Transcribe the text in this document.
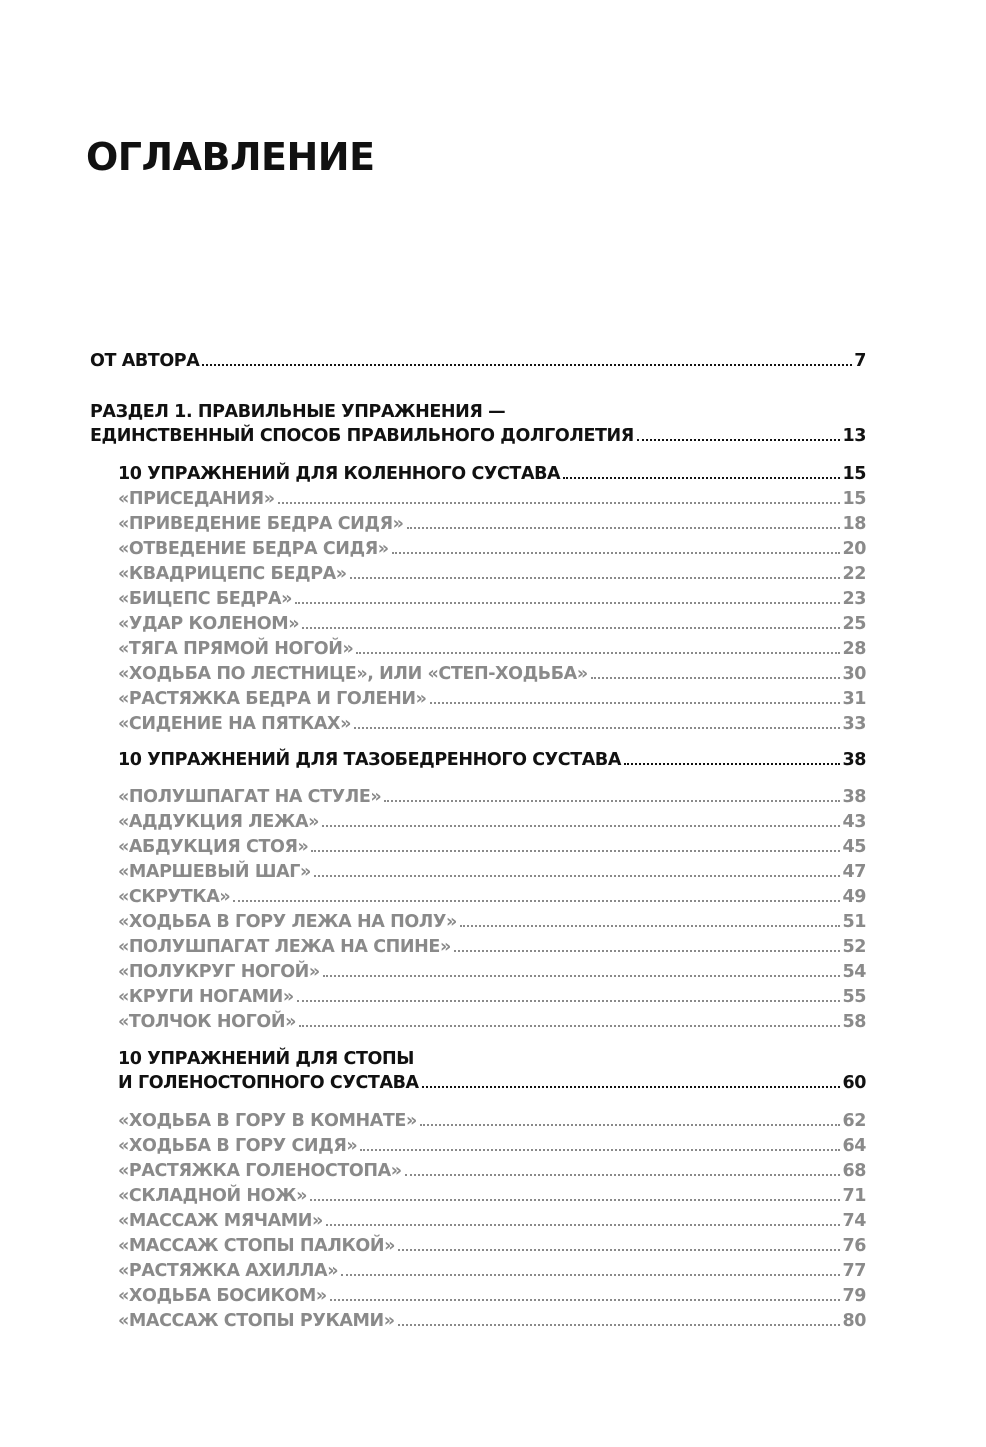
ОГЛАВЛЕНИЕ
ОТ АВТОРА	7
РАЗДЕЛ 1. ПРАВИЛЬНЫЕ УПРАЖНЕНИЯ —
ЕДИНСТВЕННЫЙ СПОСОБ ПРАВИЛЬНОГО ДОЛГОЛЕТИЯ	13
10 УПРАЖНЕНИЙ ДЛЯ КОЛЕННОГО СУСТАВА	15
«ПРИСЕДАНИЯ»	15
«ПРИВЕДЕНИЕ БЕДРА СИДЯ»	18
«ОТВЕДЕНИЕ БЕДРА СИДЯ»	20
«КВАДРИЦЕПС БЕДРА»	22
«БИЦЕПС БЕДРА»	23
«УДАР КОЛЕНОМ»	25
«ТЯГА ПРЯМОЙ НОГОЙ»	28
«ХОДЬБА ПО ЛЕСТНИЦЕ», ИЛИ «СТЕП-ХОДЬБА»	30
«РАСТЯЖКА БЕДРА И ГОЛЕНИ»	31
«СИДЕНИЕ НА ПЯТКАХ»	33
10 УПРАЖНЕНИЙ ДЛЯ ТАЗОБЕДРЕННОГО СУСТАВА	38
«ПОЛУШПАГАТ НА СТУЛЕ»	38
«АДДУКЦИЯ ЛЕЖА»	43
«АБДУКЦИЯ СТОЯ»	45
«МАРШЕВЫЙ ШАГ»	47
«СКРУТКА»	49
«ХОДЬБА В ГОРУ ЛЕЖА НА ПОЛУ»	51
«ПОЛУШПАГАТ ЛЕЖА НА СПИНЕ»	52
«ПОЛУКРУГ НОГОЙ»	54
«КРУГИ НОГАМИ»	55
«ТОЛЧОК НОГОЙ»	58
10 УПРАЖНЕНИЙ ДЛЯ СТОПЫ
И ГОЛЕНОСТОПНОГО СУСТАВА	60
«ХОДЬБА В ГОРУ В КОМНАТЕ»	62
«ХОДЬБА В ГОРУ СИДЯ»	64
«РАСТЯЖКА ГОЛЕНОСТОПА»	68
«СКЛАДНОЙ НОЖ»	71
«МАССАЖ МЯЧАМИ»	74
«МАССАЖ СТОПЫ ПАЛКОЙ»	76
«РАСТЯЖКА АХИЛЛА»	77
«ХОДЬБА БОСИКОМ»	79
«МАССАЖ СТОПЫ РУКАМИ»	80
